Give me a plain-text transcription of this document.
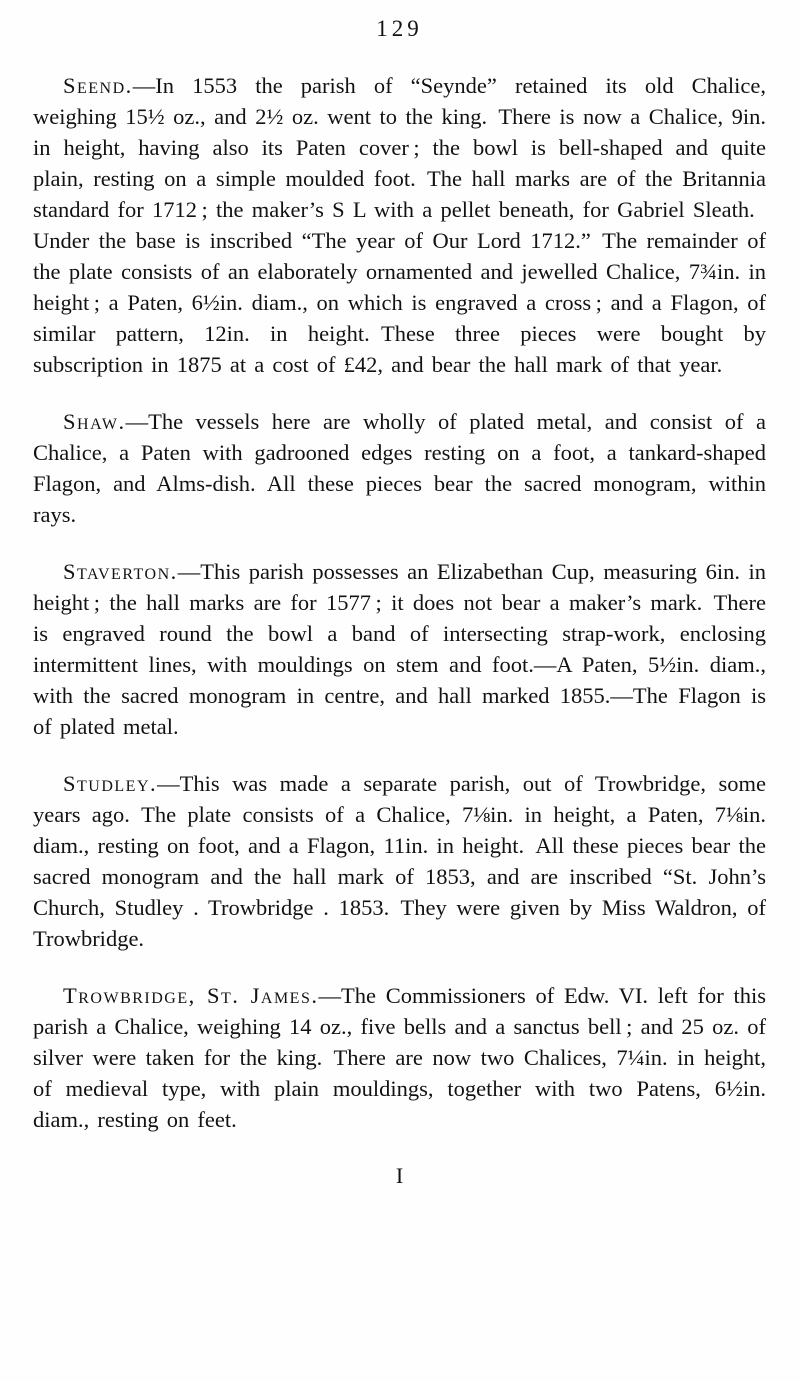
129

Seend.—In 1553 the parish of “Seynde” retained its old Chalice, weighing 15½ oz., and 2½ oz. went to the king. There is now a Chalice, 9in. in height, having also its Paten cover ; the bowl is bell-shaped and quite plain, resting on a simple moulded foot. The hall marks are of the Britannia standard for 1712 ; the maker’s S L with a pellet beneath, for Gabriel Sleath. Under the base is inscribed “The year of Our Lord 1712.” The remainder of the plate consists of an elaborately ornamented and jewelled Chalice, 7¾in. in height ; a Paten, 6½in. diam., on which is engraved a cross ; and a Flagon, of similar pattern, 12in. in height. These three pieces were bought by subscription in 1875 at a cost of £42, and bear the hall mark of that year.

Shaw.—The vessels here are wholly of plated metal, and consist of a Chalice, a Paten with gadrooned edges resting on a foot, a tankard-shaped Flagon, and Alms-dish. All these pieces bear the sacred monogram, within rays.

Staverton.—This parish possesses an Elizabethan Cup, measuring 6in. in height ; the hall marks are for 1577 ; it does not bear a maker’s mark. There is engraved round the bowl a band of intersecting strap-work, enclosing intermittent lines, with mouldings on stem and foot.—A Paten, 5½in. diam., with the sacred monogram in centre, and hall marked 1855.—The Flagon is of plated metal.

Studley.—This was made a separate parish, out of Trowbridge, some years ago. The plate consists of a Chalice, 7⅛in. in height, a Paten, 7⅛in. diam., resting on foot, and a Flagon, 11in. in height. All these pieces bear the sacred monogram and the hall mark of 1853, and are inscribed “St. John’s Church, Studley . Trowbridge . 1853. They were given by Miss Waldron, of Trowbridge.

Trowbridge, St. James.—The Commissioners of Edw. VI. left for this parish a Chalice, weighing 14 oz., five bells and a sanctus bell ; and 25 oz. of silver were taken for the king. There are now two Chalices, 7¼in. in height, of medieval type, with plain mouldings, together with two Patens, 6½in. diam., resting on feet.

I
